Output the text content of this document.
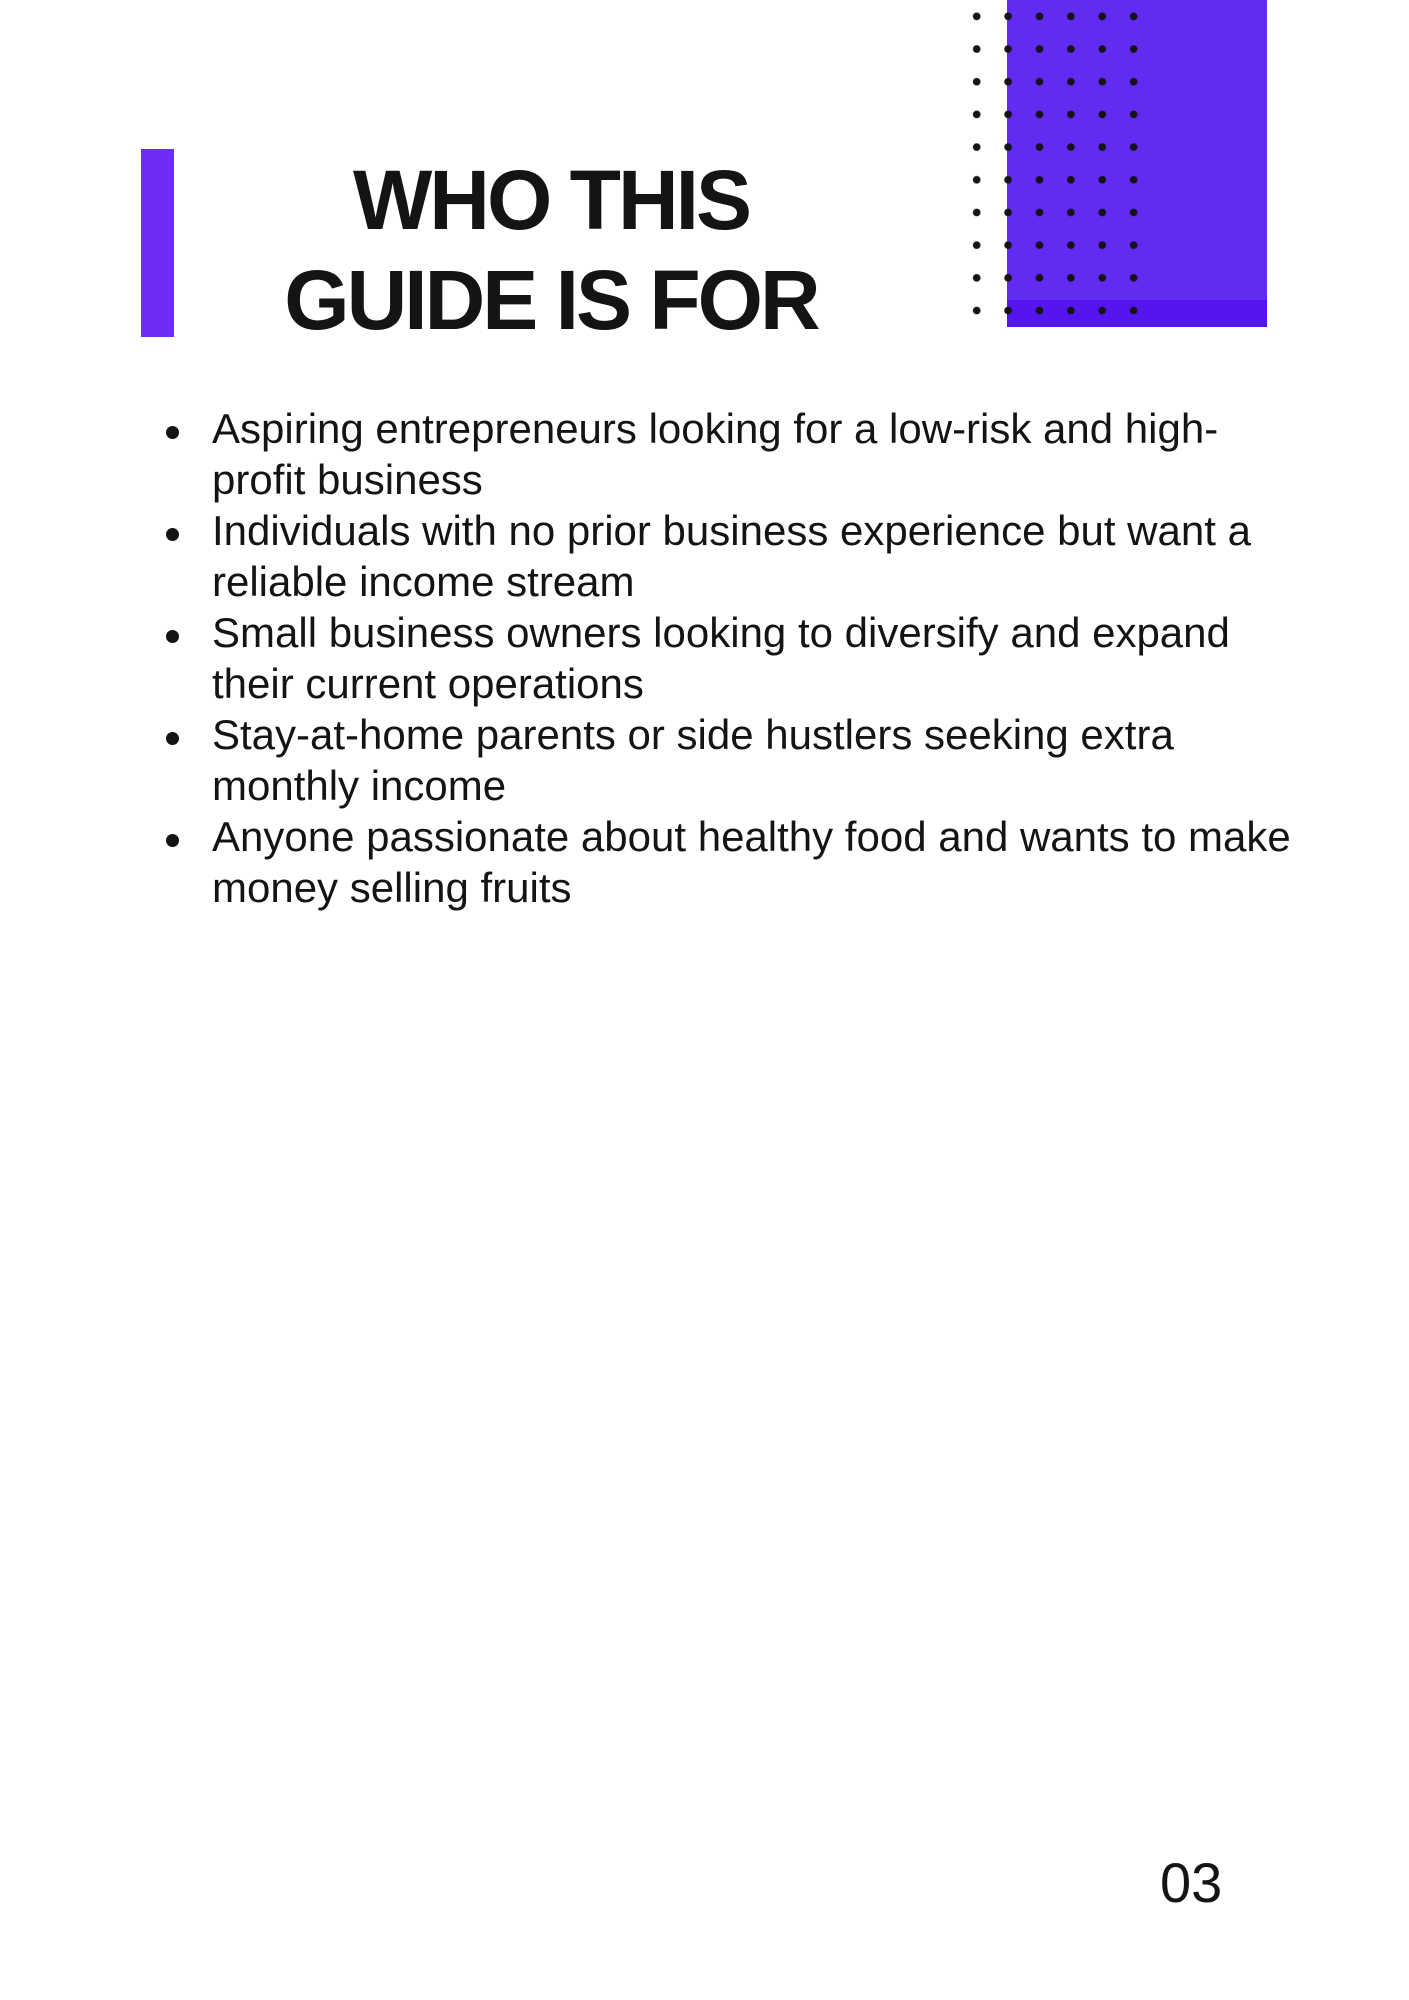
WHO THIS
GUIDE IS FOR
Aspiring entrepreneurs looking for a low-risk and high-
profit business
Individuals with no prior business experience but want a
reliable income stream
Small business owners looking to diversify and expand
their current operations
Stay-at-home parents or side hustlers seeking extra
monthly income
Anyone passionate about healthy food and wants to make
money selling fruits
03
